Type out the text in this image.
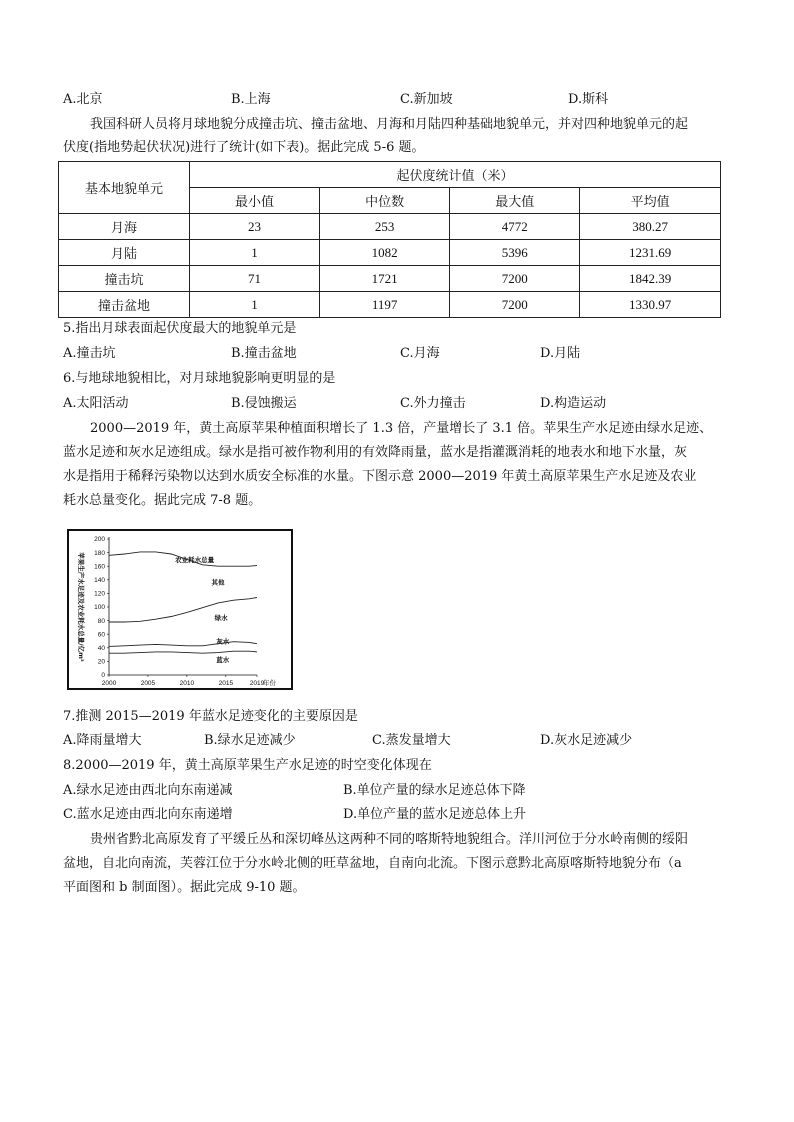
A.北京	B.上海	C.新加坡	D.斯科
我国科研人员将月球地貌分成撞击坑、撞击盆地、月海和月陆四种基础地貌单元，并对四种地貌单元的起
伏度(指地势起伏状况)进行了统计(如下表)。据此完成 5-6 题。
基本地貌单元	起伏度统计值（米）			
	最小值	中位数	最大值	平均值
月海	23	253	4772	380.27
月陆	1	1082	5396	1231.69
撞击坑	71	1721	7200	1842.39
撞击盆地	1	1197	7200	1330.97
5.指出月球表面起伏度最大的地貌单元是
A.撞击坑	B.撞击盆地	C.月海	D.月陆
6.与地球地貌相比，对月球地貌影响更明显的是
A.太阳活动	B.侵蚀搬运	C.外力撞击	D.构造运动
2000—2019 年，黄土高原苹果种植面积增长了 1.3 倍，产量增长了 3.1 倍。苹果生产水足迹由绿水足迹、
蓝水足迹和灰水足迹组成。绿水是指可被作物利用的有效降雨量，蓝水是指灌溉消耗的地表水和地下水量，灰
水是指用于稀释污染物以达到水质安全标准的水量。下图示意 2000—2019 年黄土高原苹果生产水足迹及农业
耗水总量变化。据此完成 7-8 题。
0
20
40
60
80
100
120
140
160
180
200
2000	2005	2010	2015	2019
年份
苹果生产水足迹及农业耗水总量/亿m³	蓝水
灰水
绿水
其他
农业耗水总量
7.推测 2015—2019 年蓝水足迹变化的主要原因是
A.降雨量增大	B.绿水足迹减少	C.蒸发量增大	D.灰水足迹减少
8.2000—2019 年，黄土高原苹果生产水足迹的时空变化体现在
A.绿水足迹由西北向东南递减	B.单位产量的绿水足迹总体下降
C.蓝水足迹由西北向东南递增	D.单位产量的蓝水足迹总体上升
贵州省黔北高原发育了平缓丘丛和深切峰丛这两种不同的喀斯特地貌组合。洋川河位于分水岭南侧的绥阳
盆地，自北向南流，芙蓉江位于分水岭北侧的旺草盆地，自南向北流。下图示意黔北高原喀斯特地貌分布（a
平面图和 b 制面图）。据此完成 9-10 题。
